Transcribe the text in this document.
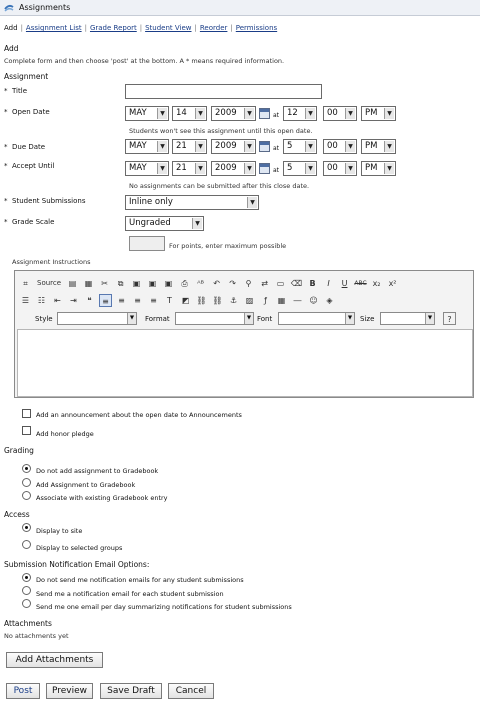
Assignments
Add | Assignment List | Grade Report | Student View | Reorder | Permissions
Add
Complete form and then choose 'post' at the bottom. A * means required information.
Assignment
* Title
* Open Date	MAY	▼ 14	▼ 2009	▼	at 12	▼ 00	▼ PM	▼
Students won't see this assignment until this open date.
* Due Date	MAY	▼ 21	▼ 2009	▼	at 5	▼ 00	▼ PM	▼
* Accept Until	MAY	▼ 21	▼ 2009	▼	at 5	▼ 00	▼ PM	▼
No assignments can be submitted after this close date.
* Student Submissions	Inline only	▼
* Grade Scale	Ungraded	▼
For points, enter maximum possible
Assignment Instructions
⌗	Source ▤	▦	✂	⧉	▣	▣	▣	⎙	ᴬᴮ	↶	↷	⚲	⇄	▭ ⌫ B	I	U	ABC x₂	x²
☰	☷	⇤	⇥	❝	≡	≡	≡	≡	T	◩ ⛓ ⛓ ⚓	▨	ƒ	▦	― ☺	◈
Style	▼ Format	▼ Font	▼ Size	▼	?
Add an announcement about the open date to Announcements
Add honor pledge
Grading
Do not add assignment to Gradebook
Add Assignment to Gradebook
Associate with existing Gradebook entry
Access
Display to site
Display to selected groups
Submission Notification Email Options:
Do not send me notification emails for any student submissions
Send me a notification email for each student submission
Send me one email per day summarizing notifications for student submissions
Attachments
No attachments yet
Add Attachments
Post	Preview	Save Draft	Cancel
